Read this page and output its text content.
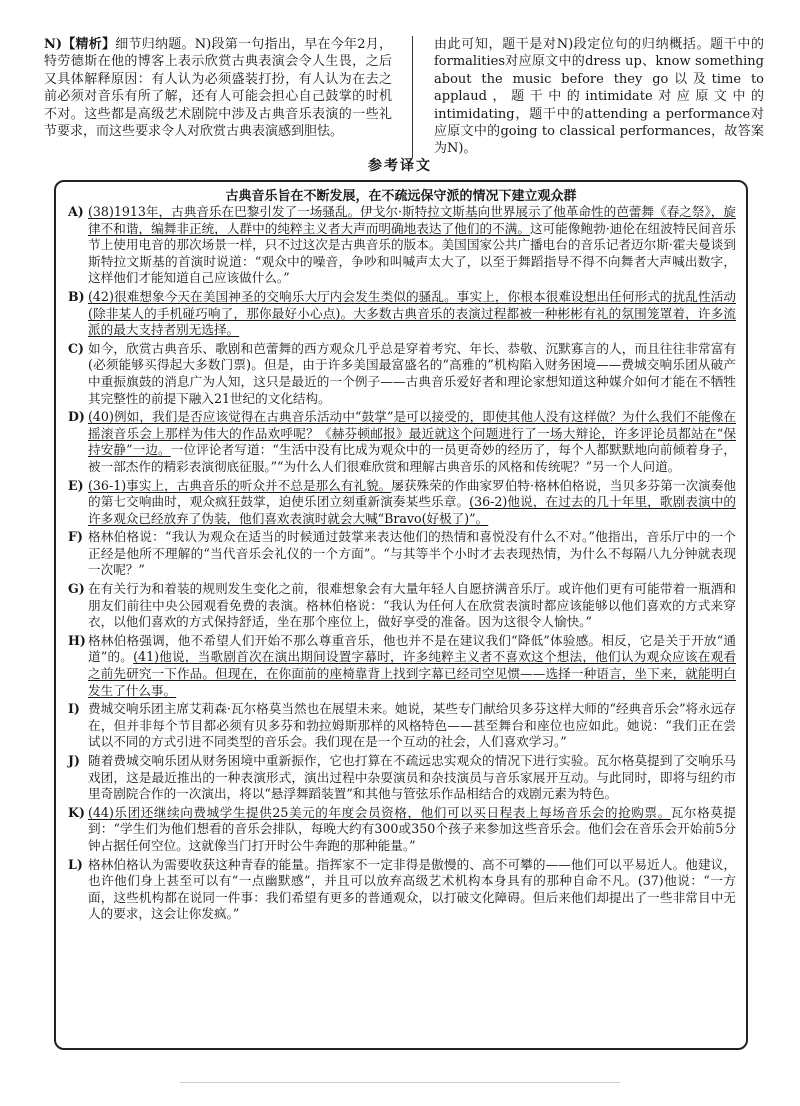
N)【精析】细节归纳题。N)段第一句指出，早在今年2月，特劳德斯在他的博客上表示欣赏古典表演会令人生畏，之后又具体解释原因：有人认为必须盛装打扮，有人认为在去之前必须对音乐有所了解，还有人可能会担心自己鼓掌的时机不对。这些都是高级艺术剧院中涉及古典音乐表演的一些礼节要求，而这些要求令人对欣赏古典表演感到胆怯。
由此可知，题干是对N)段定位句的归纳概括。题干中的formalities对应原文中的dress up、know something about the music before they go以及time to applaud，题干中的intimidate对应原文中的intimidating，题干中的attending a performance对应原文中的going to classical performances，故答案为N)。
参考译文
古典音乐旨在不断发展，在不疏远保守派的情况下建立观众群
A) (38)1913年，古典音乐在巴黎引发了一场骚乱。伊戈尔·斯特拉文斯基向世界展示了他革命性的芭蕾舞《春之祭》，旋律不和谐，编舞非正统，人群中的纯粹主义者大声而明确地表达了他们的不满。这可能像鲍勃·迪伦在纽波特民间音乐节上使用电音的那次场景一样，只不过这次是古典音乐的版本。美国国家公共广播电台的音乐记者迈尔斯·霍夫曼谈到斯特拉文斯基的首演时说道：“观众中的噪音，争吵和叫喊声太大了，以至于舞蹈指导不得不向舞者大声喊出数字，这样他们才能知道自己应该做什么。”
B) (42)很难想象今天在美国神圣的交响乐大厅内会发生类似的骚乱。事实上，你根本很难设想出任何形式的扰乱性活动(除非某人的手机碰巧响了，那你最好小心点)。大多数古典音乐的表演过程都被一种彬彬有礼的氛围笼罩着，许多流派的最大支持者别无选择。
C) 如今，欣赏古典音乐、歌剧和芭蕾舞的西方观众几乎总是穿着考究、年长、恭敬、沉默寡言的人，而且往往非常富有(必须能够买得起大多数门票)。但是，由于许多美国最富盛名的“高雅的”机构陷入财务困境——费城交响乐团从破产中重振旗鼓的消息广为人知，这只是最近的一个例子——古典音乐爱好者和理论家想知道这种媒介如何才能在不牺牲其完整性的前提下融入21世纪的文化结构。
D) (40)例如，我们是否应该觉得在古典音乐活动中“鼓掌”是可以接受的，即使其他人没有这样做？为什么我们不能像在摇滚音乐会上那样为伟大的作品欢呼呢？《赫芬顿邮报》最近就这个问题进行了一场大辩论，许多评论员都站在“保持安静”一边。一位评论者写道：“生活中没有比成为观众中的一员更奇妙的经历了，每个人都默默地向前倾着身子，被一部杰作的精彩表演彻底征服。”“为什么人们很难欣赏和理解古典音乐的风格和传统呢？”另一个人问道。
E) (36-1)事实上，古典音乐的听众并不总是那么有礼貌。屡获殊荣的作曲家罗伯特·格林伯格说，当贝多芬第一次演奏他的第七交响曲时，观众疯狂鼓掌，迫使乐团立刻重新演奏某些乐章。(36-2)他说，在过去的几十年里，歌剧表演中的许多观众已经放弃了伪装，他们喜欢表演时就会大喊“Bravo(好极了)”。
F) 格林伯格说：“我认为观众在适当的时候通过鼓掌来表达他们的热情和喜悦没有什么不对。”他指出，音乐厅中的一个正经是他所不理解的“当代音乐会礼仪的一个方面”。“与其等半个小时才去表现热情，为什么不每隔八九分钟就表现一次呢？”
G) 在有关行为和着装的规则发生变化之前，很难想象会有大量年轻人自愿挤满音乐厅。或许他们更有可能带着一瓶酒和朋友们前往中央公园观看免费的表演。格林伯格说：“我认为任何人在欣赏表演时都应该能够以他们喜欢的方式来穿衣，以他们喜欢的方式保持舒适，坐在那个座位上，做好享受的准备。因为这很令人愉快。”
H) 格林伯格强调，他不希望人们开始不那么尊重音乐，他也并不是在建议我们“降低”体验感。相反，它是关于开放“通道”的。(41)他说，当歌剧首次在演出期间设置字幕时，许多纯粹主义者不喜欢这个想法，他们认为观众应该在观看之前先研究一下作品。但现在，在你面前的座椅靠背上找到字幕已经司空见惯——选择一种语言，坐下来，就能明白发生了什么事。
I) 费城交响乐团主席艾莉森·瓦尔格莫当然也在展望未来。她说，某些专门献给贝多芬这样大师的“经典音乐会”将永远存在，但并非每个节目都必须有贝多芬和勃拉姆斯那样的风格特色——甚至舞台和座位也应如此。她说：“我们正在尝试以不同的方式引进不同类型的音乐会。我们现在是一个互动的社会，人们喜欢学习。”
J) 随着费城交响乐团从财务困境中重新振作，它也打算在不疏远忠实观众的情况下进行实验。瓦尔格莫提到了交响乐马戏团，这是最近推出的一种表演形式，演出过程中杂耍演员和杂技演员与音乐家展开互动。与此同时，即将与纽约市里奇剧院合作的一次演出，将以“悬浮舞蹈装置”和其他与管弦乐作品相结合的戏剧元素为特色。
K) (44)乐团还继续向费城学生提供25美元的年度会员资格，他们可以买日程表上每场音乐会的抢购票。瓦尔格莫提到：“学生们为他们想看的音乐会排队，每晚大约有300或350个孩子来参加这些音乐会。他们会在音乐会开始前5分钟占据任何空位。这就像当门打开时公牛奔跑的那种能量。”
L) 格林伯格认为需要收获这种青春的能量。指挥家不一定非得是傲慢的、高不可攀的——他们可以平易近人。他建议，也许他们身上甚至可以有“一点幽默感”，并且可以放弃高级艺术机构本身具有的那种自命不凡。(37)他说：“一方面，这些机构都在说同一件事：我们希望有更多的普通观众，以打破文化障碍。但后来他们却提出了一些非常目中无人的要求，这会让你发疯。”
